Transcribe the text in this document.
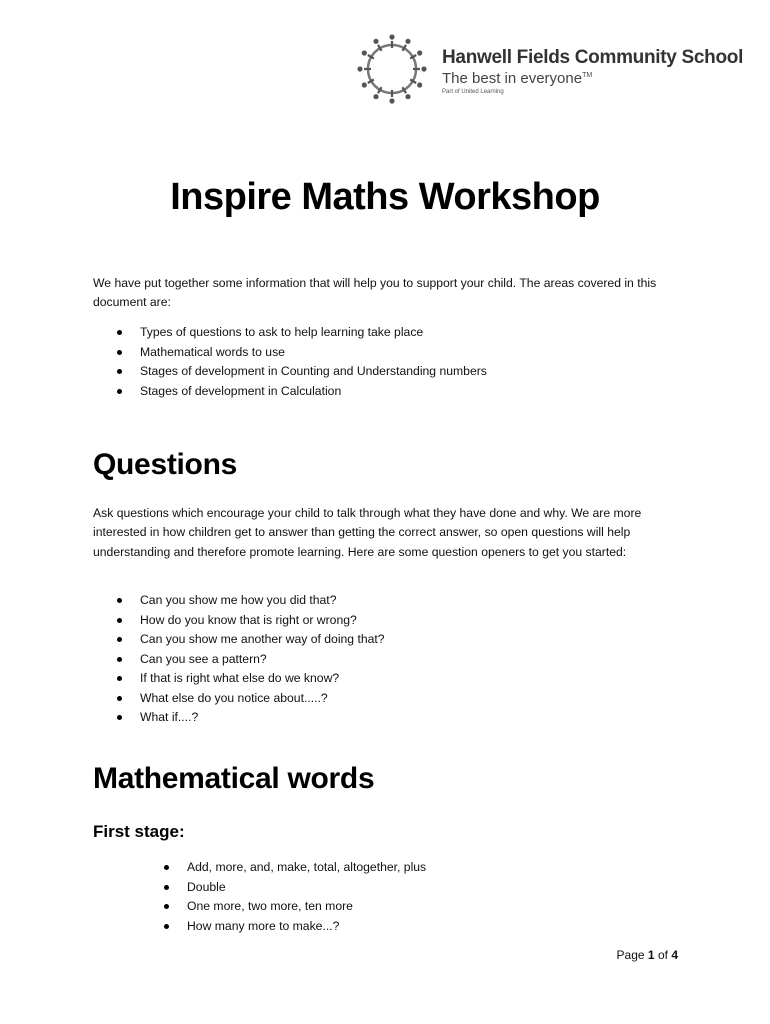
Hanwell Fields Community School
The best in everyone™
Part of United Learning
Inspire Maths Workshop
We have put together some information that will help you to support your child. The areas covered in this document are:
Types of questions to ask to help learning take place
Mathematical words to use
Stages of development in Counting and Understanding numbers
Stages of development in Calculation
Questions
Ask questions which encourage your child to talk through what they have done and why. We are more interested in how children get to answer than getting the correct answer, so open questions will help understanding and therefore promote learning. Here are some question openers to get you started:
Can you show me how you did that?
How do you know that is right or wrong?
Can you show me another way of doing that?
Can you see a pattern?
If that is right what else do we know?
What else do you notice about.....?
What if....?
Mathematical words
First stage:
Add, more, and, make, total, altogether, plus
Double
One more, two more, ten more
How many more to make...?
Page 1 of 4
